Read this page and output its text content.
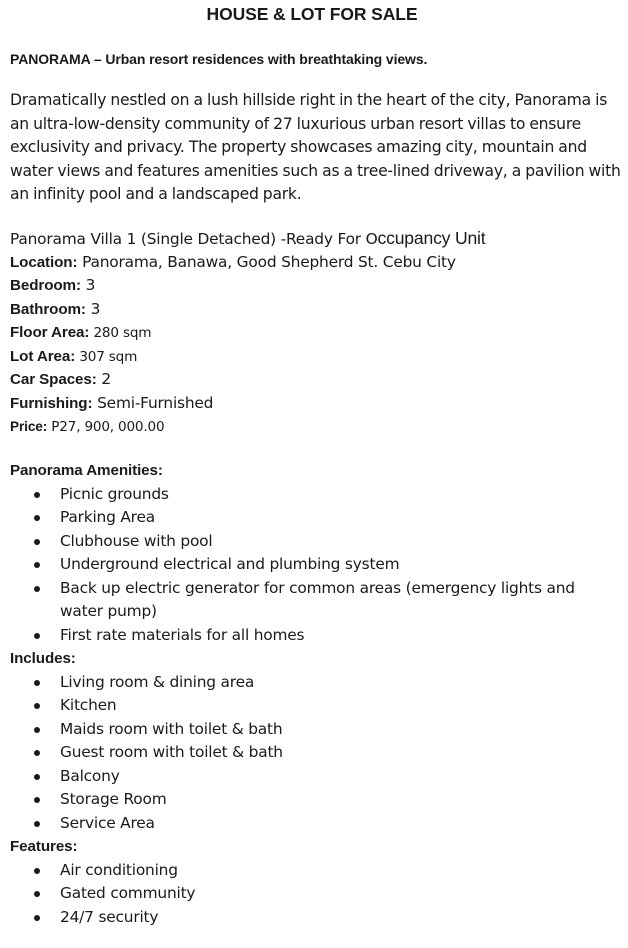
HOUSE & LOT FOR SALE
PANORAMA – Urban resort residences with breathtaking views.
Dramatically nestled on a lush hillside right in the heart of the city, Panorama is an ultra-low-density community of 27 luxurious urban resort villas to ensure exclusivity and privacy. The property showcases amazing city, mountain and water views and features amenities such as a tree-lined driveway, a pavilion with an infinity pool and a landscaped park.
Panorama Villa 1 (Single Detached) -Ready For Occupancy Unit
Location: Panorama, Banawa, Good Shepherd St. Cebu City
Bedroom: 3
Bathroom: 3
Floor Area: 280 sqm
Lot Area: 307 sqm
Car Spaces: 2
Furnishing: Semi-Furnished
Price: P27, 900, 000.00
Panorama Amenities:
Picnic grounds
Parking Area
Clubhouse with pool
Underground electrical and plumbing system
Back up electric generator for common areas (emergency lights and water pump)
First rate materials for all homes
Includes:
Living room & dining area
Kitchen
Maids room with toilet & bath
Guest room with toilet & bath
Balcony
Storage Room
Service Area
Features:
Air conditioning
Gated community
24/7 security
